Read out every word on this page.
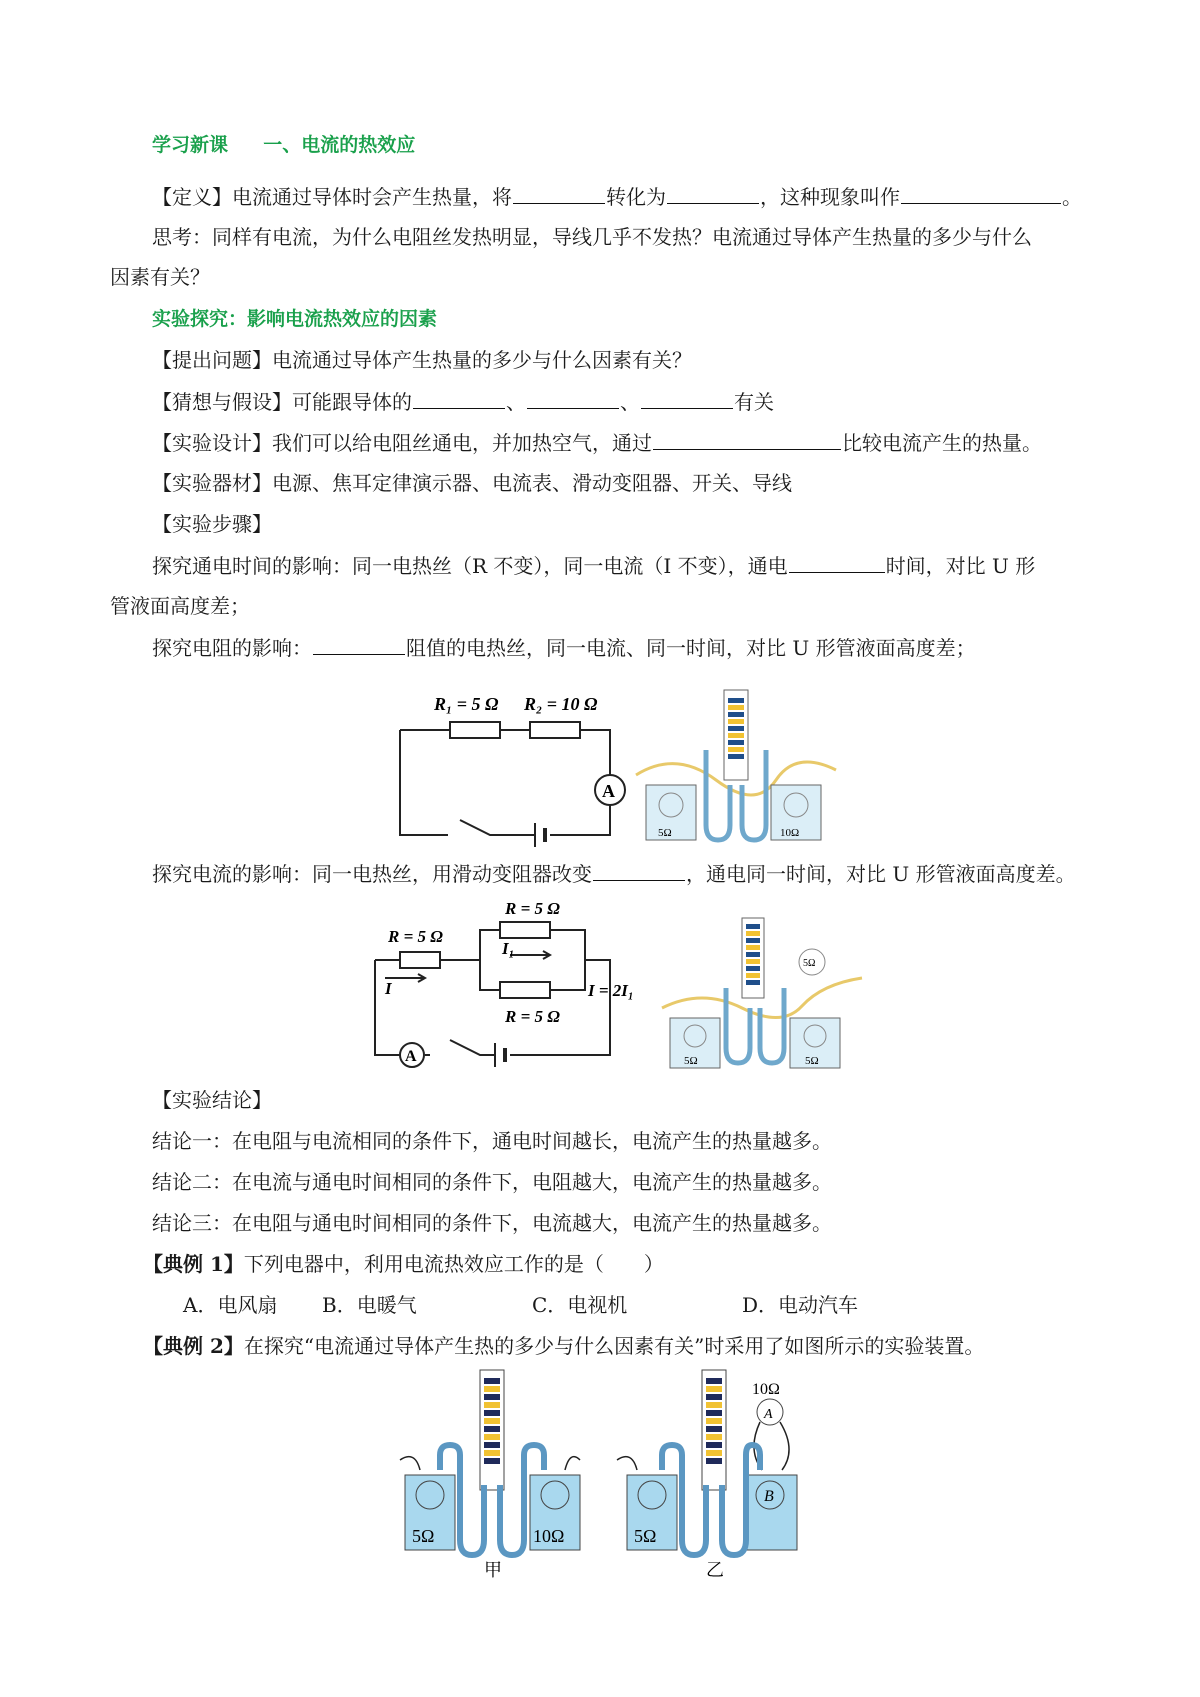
学习新课 一、电流的热效应
【定义】电流通过导体时会产生热量，将	转化为	，这种现象叫作	。
思考：同样有电流，为什么电阻丝发热明显，导线几乎不发热？电流通过导体产生热量的多少与什么
因素有关？
实验探究：影响电流热效应的因素
【提出问题】电流通过导体产生热量的多少与什么因素有关？
【猜想与假设】可能跟导体的	、	、	有关
【实验设计】我们可以给电阻丝通电，并加热空气，通过	比较电流产生的热量。
【实验器材】电源、焦耳定律演示器、电流表、滑动变阻器、开关、导线
【实验步骤】
探究通电时间的影响：同一电热丝（R 不变），同一电流（I 不变），通电	时间，对比 U 形
管液面高度差；
探究电阻的影响：	阻值的电热丝，同一电流、同一时间，对比 U 形管液面高度差；
R₁ = 5 Ω R₂ = 10 Ω
A
5Ω	10Ω
探究电流的影响：同一电热丝，用滑动变阻器改变	，通电同一时间，对比 U 形管液面高度差。
R = 5 Ω
R = 5 Ω
R = 5 Ω
I
I₁
I = 2I₁
A	5Ω	5Ω
5Ω
【实验结论】
结论一：在电阻与电流相同的条件下，通电时间越长，电流产生的热量越多。
结论二：在电流与通电时间相同的条件下，电阻越大，电流产生的热量越多。
结论三：在电阻与通电时间相同的条件下，电流越大，电流产生的热量越多。
【典例 1】下列电器中，利用电流热效应工作的是（　　）
A．电风扇 B．电暖气	C．电视机	D．电动汽车
【典例 2】在探究“电流通过导体产生热的多少与什么因素有关”时采用了如图所示的实验装置。
5Ω	10Ω
甲
5Ω
10Ω
A
B
乙
